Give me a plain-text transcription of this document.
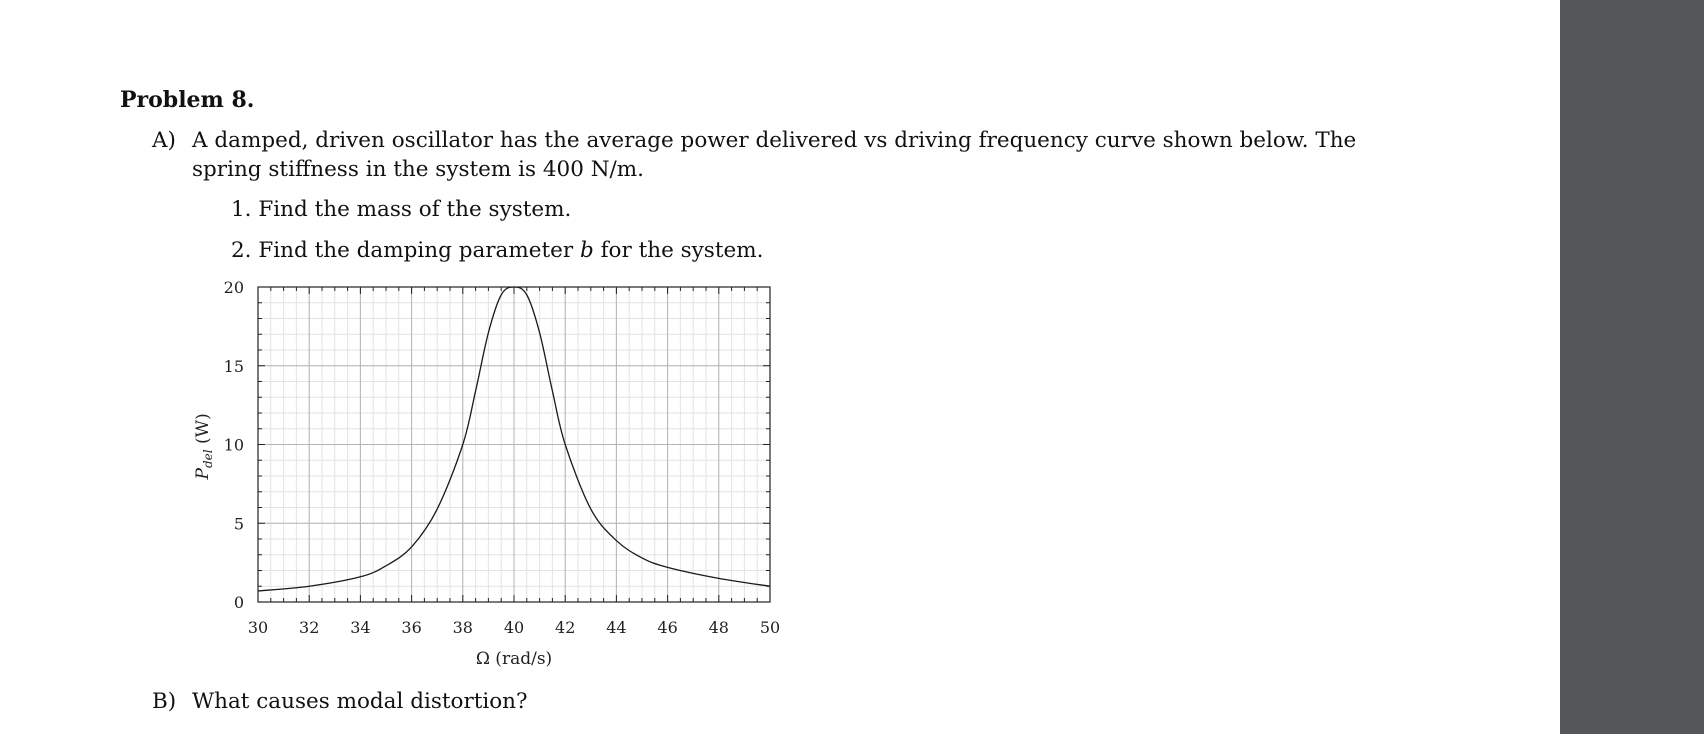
Problem 8.
A) A damped, driven oscillator has the average power delivered vs driving frequency curve shown below. The
spring stiffness in the system is 400 N/m.
1. Find the mass of the system.
2. Find the damping parameter b for the system.
30 32 34 36 38 40 42 44 46 48 50
0
5
10
15
20
Ω (rad/s)
$P_{del}$ (W)
B) What causes modal distortion?
